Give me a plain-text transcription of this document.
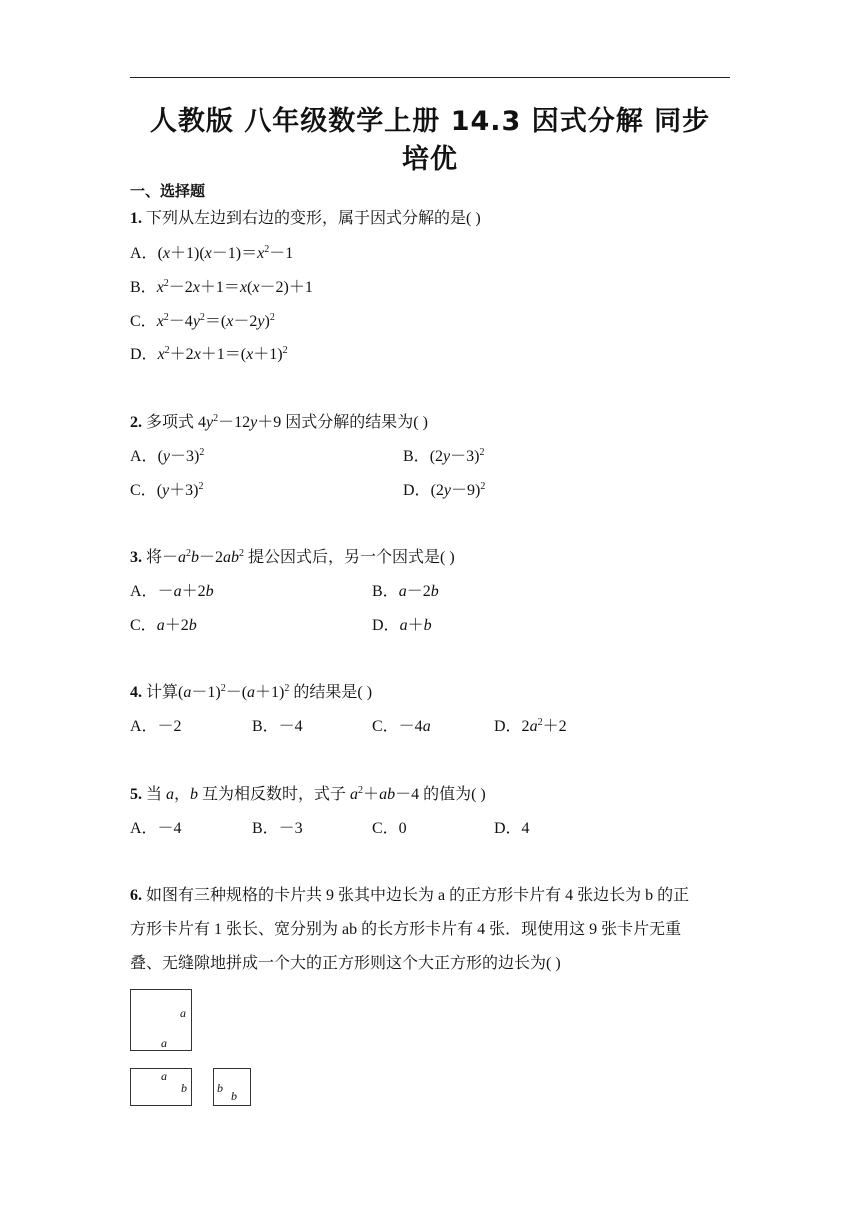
人教版 八年级数学上册 14.3 因式分解 同步
培优
一、选择题
1. 下列从左边到右边的变形，属于因式分解的是( )
A．$(x+1)(x-1)=x^2-1$
B．$x^2-2x+1=x(x-2)+1$
C．$x^2-4y^2=(x-2y)^2$
D．$x^2+2x+1=(x+1)^2$
2. 多项式 $4y^2-12y+9$ 因式分解的结果为( )
A．$(y-3)^2$	B．$(2y-3)^2$
C．$(y+3)^2$	D．$(2y-9)^2$
3. 将$-a^2b-2ab^2$ 提公因式后，另一个因式是( )
A．－a＋2b	B．a－2b
C．a＋2b	D．a＋b
4. 计算$(a-1)^2-(a+1)^2$ 的结果是( )
A．－2	B．－4	C．－4a	D．$2a^2+2$
5. 当 a，b 互为相反数时，式子 $a^2+ab-4$ 的值为( )
A．－4	B．－3	C．0	D．4
6. 如图有三种规格的卡片共 9 张其中边长为 a 的正方形卡片有 4 张边长为 b 的正
方形卡片有 1 张长、宽分别为 ab 的长方形卡片有 4 张．现使用这 9 张卡片无重
叠、无缝隙地拼成一个大的正方形则这个大正方形的边长为( )
a
a
a
b	b
b
